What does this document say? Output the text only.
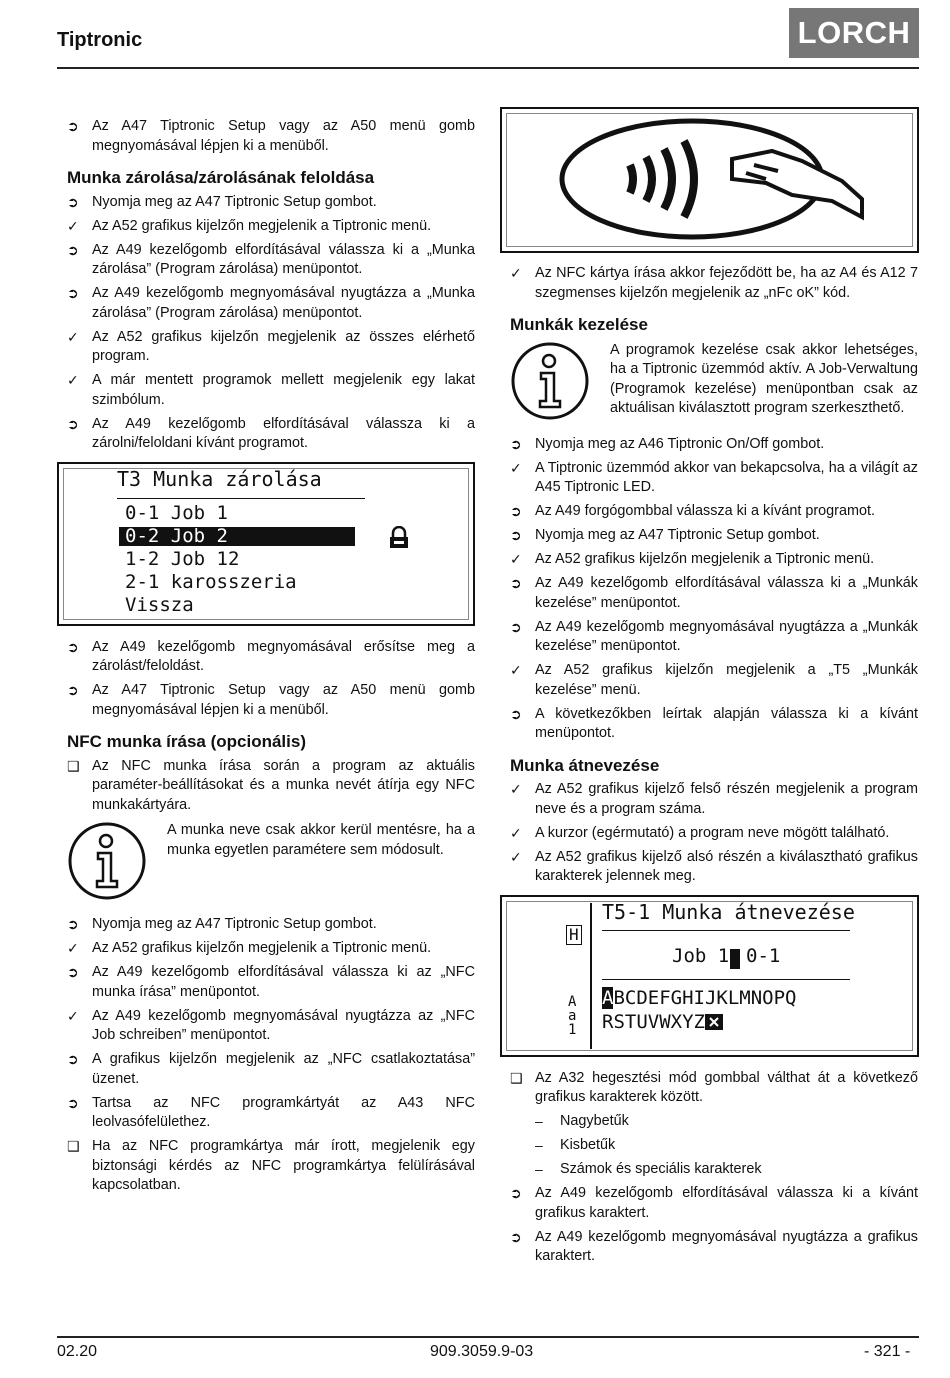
Tiptronic	LORCH
➲ Az A47 Tiptronic Setup vagy az A50 menü gomb megnyomásával lépjen ki a menüből.
Munka zárolása/zárolásának feloldása
➲ Nyomja meg az A47 Tiptronic Setup gombot.
✓ Az A52 grafikus kijelzőn megjelenik a Tiptronic menü.
➲ Az A49 kezelőgomb elfordításával válassza ki a „Munka zárolása” (Program zárolása) menüpontot.
➲ Az A49 kezelőgomb megnyomásával nyugtázza a „Munka zárolása” (Program zárolása) menüpontot.
✓ Az A52 grafikus kijelzőn megjelenik az összes elérhető program.
✓ A már mentett programok mellett megjelenik egy lakat szimbólum.
➲ Az A49 kezelőgomb elfordításával válassza ki a zárolni/feloldani kívánt programot.
T3 Munka zárolása
0-1 Job 1
0-2 Job 2
1-2 Job 12
2-1 karosszeria
Vissza
➲ Az A49 kezelőgomb megnyomásával erősítse meg a zárolást/feloldást.
➲ Az A47 Tiptronic Setup vagy az A50 menü gomb megnyomásával lépjen ki a menüből.
NFC munka írása (opcionális)
❑ Az NFC munka írása során a program az aktuális paraméter-beállításokat és a munka nevét átírja egy NFC munkakártyára.
A munka neve csak akkor kerül mentésre, ha a munka egyetlen paramétere sem módosult.
➲ Nyomja meg az A47 Tiptronic Setup gombot.
✓ Az A52 grafikus kijelzőn megjelenik a Tiptronic menü.
➲ Az A49 kezelőgomb elfordításával válassza ki az „NFC munka írása” menüpontot.
✓ Az A49 kezelőgomb megnyomásával nyugtázza az „NFC Job schreiben” menüpontot.
➲ A grafikus kijelzőn megjelenik az „NFC csatlakoztatása” üzenet.
➲ Tartsa az NFC programkártyát az A43 NFC leolvasófelülethez.
❑ Ha az NFC programkártya már írott, megjelenik egy biztonsági kérdés az NFC programkártya felülírásával kapcsolatban.
✓ Az NFC kártya írása akkor fejeződött be, ha az A4 és A12 7 szegmenses kijelzőn megjelenik az „nFc oK” kód.
Munkák kezelése
A programok kezelése csak akkor lehetséges, ha a Tiptronic üzemmód aktív. A Job-Verwaltung (Programok kezelése) menüpontban csak az aktuálisan kiválasztott program szerkeszthető.
➲ Nyomja meg az A46 Tiptronic On/Off gombot.
✓ A Tiptronic üzemmód akkor van bekapcsolva, ha a világít az A45 Tiptronic LED.
➲ Az A49 forgógombbal válassza ki a kívánt programot.
➲ Nyomja meg az A47 Tiptronic Setup gombot.
✓ Az A52 grafikus kijelzőn megjelenik a Tiptronic menü.
➲ Az A49 kezelőgomb elfordításával válassza ki a „Munkák kezelése” menüpontot.
➲ Az A49 kezelőgomb megnyomásával nyugtázza a „Munkák kezelése” menüpontot.
✓ Az A52 grafikus kijelzőn megjelenik a „T5 „Munkák kezelése” menü.
➲ A következőkben leírtak alapján válassza ki a kívánt menüpontot.
Munka átnevezése
✓ Az A52 grafikus kijelző felső részén megjelenik a program neve és a program száma.
✓ A kurzor (egérmutató) a program neve mögött található.
✓ Az A52 grafikus kijelző alsó részén a kiválasztható grafikus karakterek jelennek meg.
H
Aa1
T5-1 Munka átnevezése
Job 1 0-1
ABCDEFGHIJKLMNOPQ
RSTUVWXYZ
❑ Az A32 hegesztési mód gombbal válthat át a következő grafikus karakterek között.
–	Nagybetűk
–	Kisbetűk
–	Számok és speciális karakterek
➲ Az A49 kezelőgomb elfordításával válassza ki a kívánt grafikus karaktert.
➲ Az A49 kezelőgomb megnyomásával nyugtázza a grafikus karaktert.
02.20	909.3059.9-03	- 321 -
